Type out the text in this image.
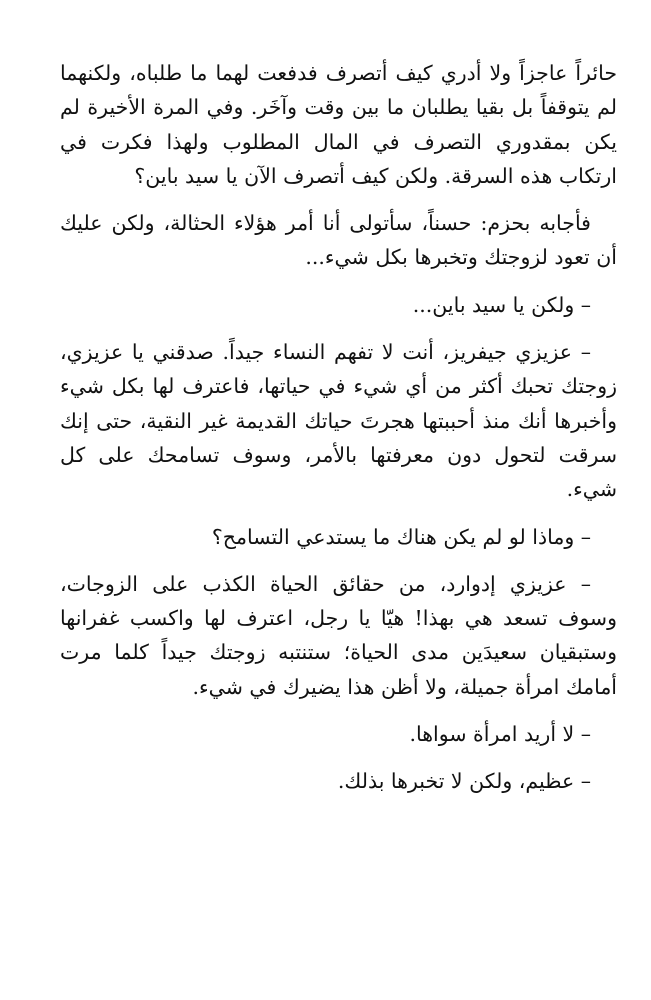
حائراً عاجزاً ولا أدري كيف أتصرف فدفعت لهما ما طلباه، ولكنهما لم يتوقفاً بل بقيا يطلبان ما بين وقت وآخَر. وفي المرة الأخيرة لم يكن بمقدوري التصرف في المال المطلوب ولهذا فكرت في ارتكاب هذه السرقة. ولكن كيف أتصرف الآن يا سيد باين؟

فأجابه بحزم: حسناً، سأتولى أنا أمر هؤلاء الحثالة، ولكن عليك أن تعود لزوجتك وتخبرها بكل شيء...

– ولكن يا سيد باين...

– عزيزي جيفريز، أنت لا تفهم النساء جيداً. صدقني يا عزيزي، زوجتك تحبك أكثر من أي شيء في حياتها، فاعترف لها بكل شيء وأخبرها أنك منذ أحببتها هجرتَ حياتك القديمة غير النقية، حتى إنك سرقت لتحول دون معرفتها بالأمر، وسوف تسامحك على كل شيء.

– وماذا لو لم يكن هناك ما يستدعي التسامح؟

– عزيزي إدوارد، من حقائق الحياة الكذب على الزوجات، وسوف تسعد هي بهذا! هيّا يا رجل، اعترف لها واكسب غفرانها وستبقيان سعيدَين مدى الحياة؛ ستنتبه زوجتك جيداً كلما مرت أمامك امرأة جميلة، ولا أظن هذا يضيرك في شيء.

– لا أريد امرأة سواها.

– عظيم، ولكن لا تخبرها بذلك.
